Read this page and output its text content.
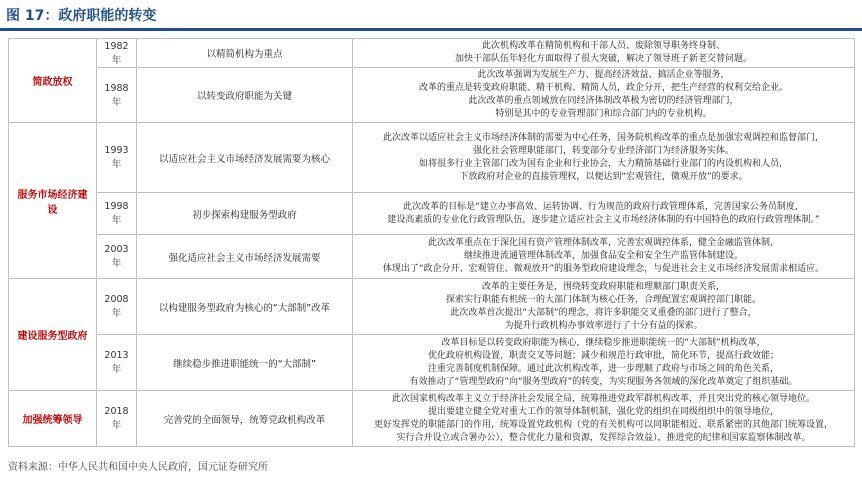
图 17：政府职能的转变
简政放权	1982年	以精简机构为重点	此次机构改革在精简机构和干部人员、废除领导职务终身制、
加快干部队伍年轻化方面取得了很大突破，解决了领导班子新老交替问题。

	1988年	以转变政府职能为关键	此次改革强调为发展生产力、提高经济效益、搞活企业等服务，
改革的重点是转变政府职能、精干机构、精简人员，政企分开，把生产经营的权利交给企业。
此次改革的重点领域放在同经济体制改革极为密切的经济管理部门，
特别是其中的专业管理部门和综合部门内的专业机构。

服务市场经济建设	1993年	以适应社会主义市场经济发展需要为核心	此次改革以适应社会主义市场经济体制的需要为中心任务，国务院机构改革的重点是加强宏观调控和监督部门，
强化社会管理职能部门，转变部分专业经济部门为经济服务实体。
如将很多行业主管部门改为国有企业和行业协会，大力精简基础行业部门的内设机构和人员，
下放政府对企业的直接管理权，以便达到“宏观管住，微观开放”的要求。

	1998年	初步探索构建服务型政府	此次改革的目标是“建立办事高效、运转协调、行为规范的政府行政管理体系，完善国家公务员制度，
建设高素质的专业化行政管理队伍，逐步建立适应社会主义市场经济体制的有中国特色的政府行政管理体制。”

	2003年	强化适应社会主义市场经济发展需要	此次改革重点在于深化国有资产管理体制改革，完善宏观调控体系，健全金融监管体制，
继续推进流通管理体制改革，加强食品安全和安全生产监管体制建设。
体现出了“政企分开、宏观管住、微观放开”的服务型政府建设理念，与促进社会主义市场经济发展需求相适应。

建设服务型政府	2008年	以构建服务型政府为核心的“大部制”改革	改革的主要任务是，围绕转变政府职能和理顺部门职责关系，
探索实行职能有机统一的大部门体制为核心任务，合理配置宏观调控部门职能。
此次改革首次提出“大部制”的理念，将许多职能交叉重叠的部门进行了整合，
为提升行政机构办事效率进行了十分有益的探索。

	2013年	继续稳步推进职能统一的“大部制”	改革目标是以转变政府职能为核心，继续稳步推进职能统一的“大部制”机构改革，
优化政府机构设置，职责交叉等问题；减少和规范行政审批，简化环节，提高行政效能；
注重完善制度机制保障。通过此次机构改革，进一步理顺了政府与市场之间的角色关系，
有效推动了“管理型政府”向“服务型政府”的转变，为实现服务各领域的深化改革奠定了组织基础。

加强统筹领导	2018年	完善党的全面领导，统筹党政机构改革	此次国家机构改革主义立于经济社会发展全局，统筹推进党政军群机构改革，并且突出党的核心领导地位。
提出要建立健全党对重大工作的领导体制机制，强化党的组织在同级组织中的领导地位，
更好发挥党的职能部门的作用，统筹设置党政机构（党的有关机构可以同职能相近、联系紧密的其他部门统筹设置，
实行合并设立或合署办公），整合优化力量和资源，发挥综合效益），推进党的纪律和国家监察体制改革。
资料来源：中华人民共和国中央人民政府，国元证券研究所
